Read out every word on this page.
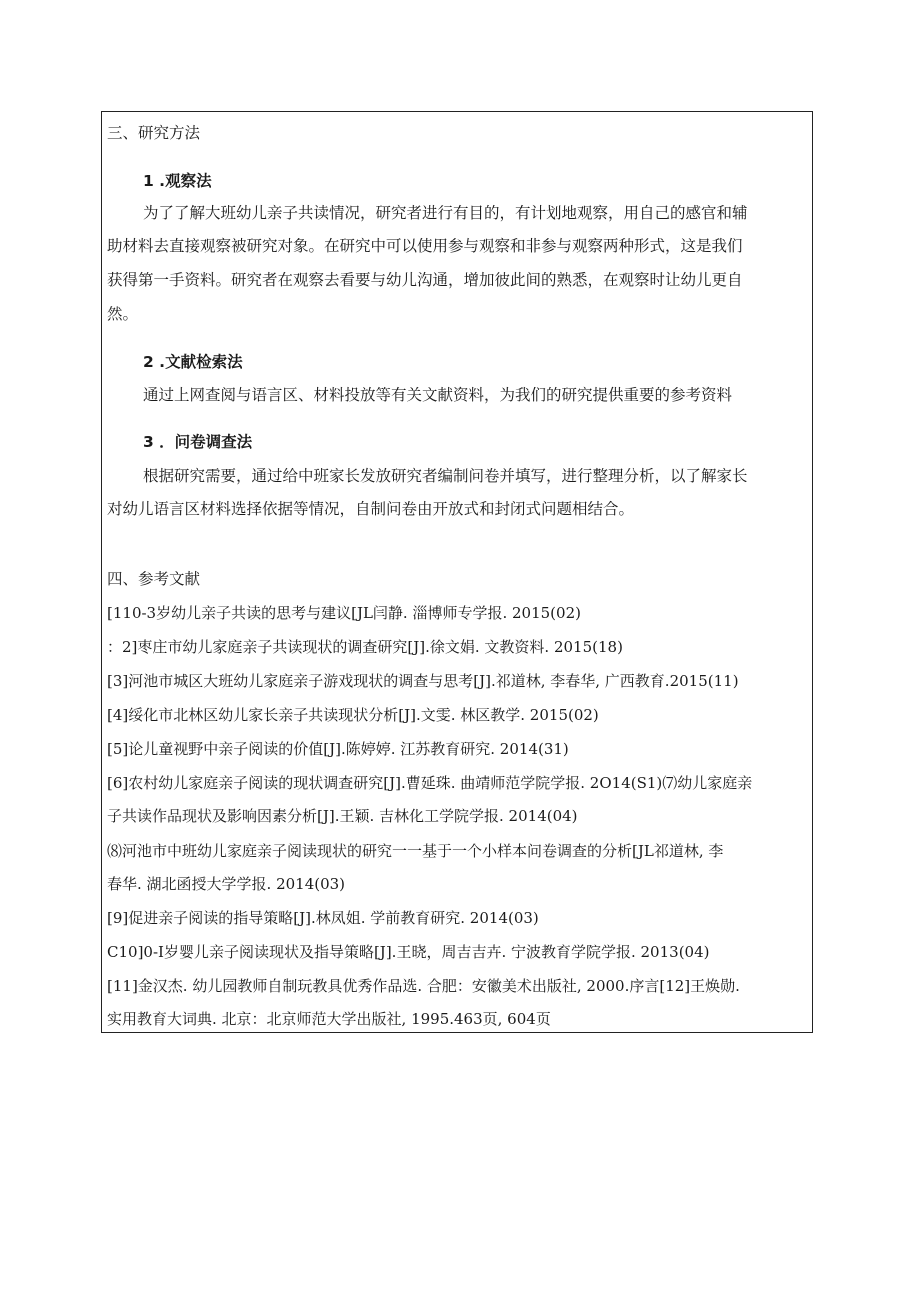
三、研究方法
1 .观察法
为了了解大班幼儿亲子共读情况，研究者进行有目的，有计划地观察，用自己的感官和辅
助材料去直接观察被研究对象。在研究中可以使用参与观察和非参与观察两种形式，这是我们
获得第一手资料。研究者在观察去看要与幼儿沟通，增加彼此间的熟悉，在观察时让幼儿更自
然。
2 .文献检索法
通过上网查阅与语言区、材料投放等有关文献资料，为我们的研究提供重要的参考资料
3 ．问卷调查法
根据研究需要，通过给中班家长发放研究者编制问卷并填写，进行整理分析，以了解家长
对幼儿语言区材料选择依据等情况，自制问卷由开放式和封闭式问题相结合。
四、参考文献
[110-3岁幼儿亲子共读的思考与建议[JL闫静. 淄博师专学报. 2015(02)
：2]枣庄市幼儿家庭亲子共读现状的调查研究[J].徐文娟. 文教资料. 2015(18)
[3]河池市城区大班幼儿家庭亲子游戏现状的调查与思考[J].祁道林, 李春华, 广西教育.2015(11)
[4]绥化市北林区幼儿家长亲子共读现状分析[J].文雯. 林区教学. 2015(02)
[5]论儿童视野中亲子阅读的价值[J].陈婷婷. 江苏教育研究. 2014(31)
[6]农村幼儿家庭亲子阅读的现状调查研究[J].曹延珠. 曲靖师范学院学报. 2O14(S1)⑺幼儿家庭亲
子共读作品现状及影响因素分析[J].王颖. 吉林化工学院学报. 2014(04)
⑻河池市中班幼儿家庭亲子阅读现状的研究一一基于一个小样本问卷调查的分析[JL祁道林, 李
春华. 湖北函授大学学报. 2014(03)
[9]促进亲子阅读的指导策略[J].林凤姐. 学前教育研究. 2014(03)
C10]0-I岁婴儿亲子阅读现状及指导策略[J].王晓，周吉吉卉. 宁波教育学院学报. 2013(04)
[11]金汉杰. 幼儿园教师自制玩教具优秀作品选. 合肥：安徽美术出版社, 2000.序言[12]王焕勋.
实用教育大词典. 北京：北京师范大学出版社, 1995.463页, 604页
